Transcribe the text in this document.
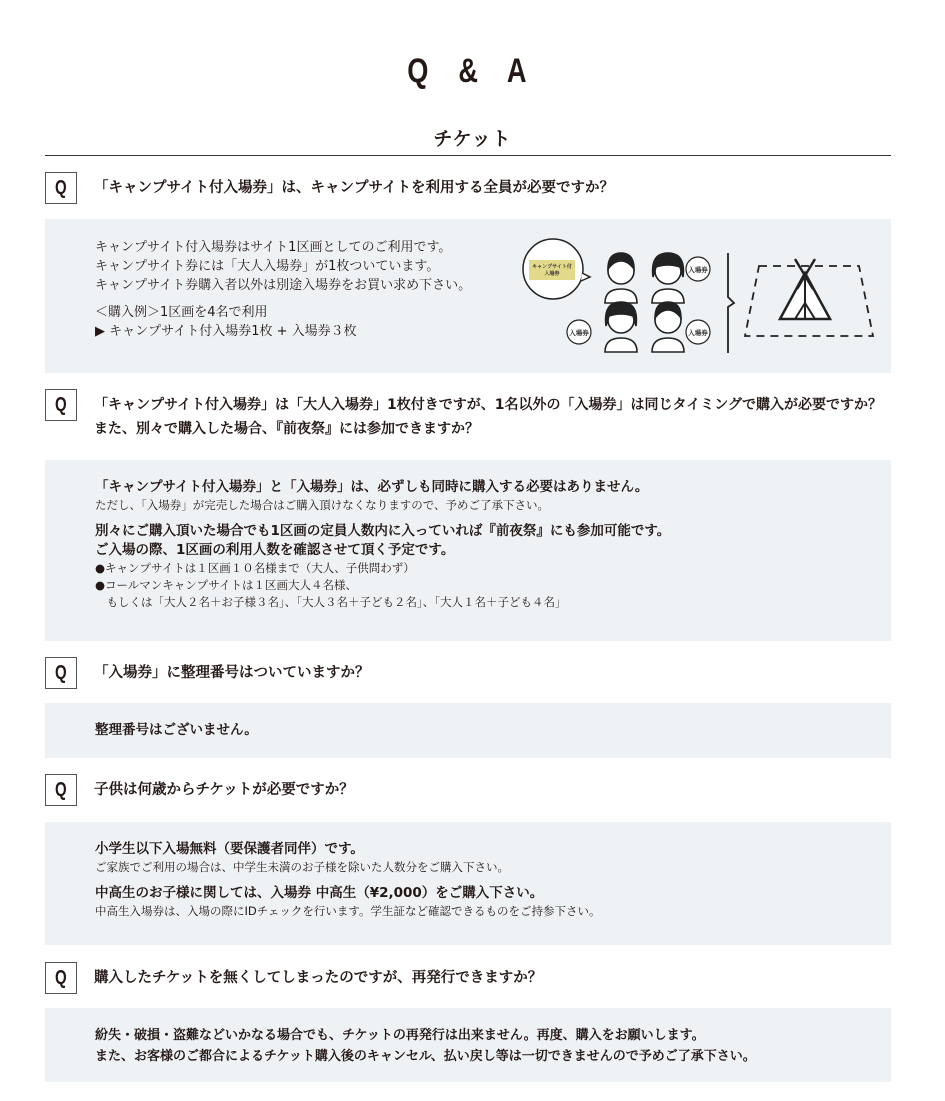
Q & A
チケット
Q 「キャンプサイト付入場券」は、キャンプサイトを利用する全員が必要ですか？
キャンプサイト付入場券はサイト1区画としてのご利用です。
キャンプサイト券には「大人入場券」が1枚ついています。
キャンプサイト券購入者以外は別途入場券をお買い求め下さい。
＜購入例＞1区画を4名で利用
▶ キャンプサイト付入場券1枚 + 入場券３枚
キャンプサイト付
入場券	入場券
入場券	入場券
Q 「キャンプサイト付入場券」は「大人入場券」1枚付きですが、1名以外の「入場券」は同じタイミングで購入が必要ですか？
また、別々で購入した場合、『前夜祭』には参加できますか？
「キャンプサイト付入場券」と「入場券」は、必ずしも同時に購入する必要はありません。
ただし、「入場券」が完売した場合はご購入頂けなくなりますので、予めご了承下さい。
別々にご購入頂いた場合でも1区画の定員人数内に入っていれば『前夜祭』にも参加可能です。
ご入場の際、1区画の利用人数を確認させて頂く予定です。
●キャンプサイトは１区画１０名様まで（大人、子供問わず）
●コールマンキャンプサイトは１区画大人４名様、
　もしくは「大人２名＋お子様３名」、「大人３名＋子ども２名」、「大人１名＋子ども４名」
Q 「入場券」に整理番号はついていますか？
整理番号はございません。
Q 子供は何歳からチケットが必要ですか？
小学生以下入場無料（要保護者同伴）です。
ご家族でご利用の場合は、中学生未満のお子様を除いた人数分をご購入下さい。
中高生のお子様に関しては、入場券 中高生（¥2,000）をご購入下さい。
中高生入場券は、入場の際にIDチェックを行います。学生証など確認できるものをご持参下さい。
Q 購入したチケットを無くしてしまったのですが、再発行できますか？
紛失・破損・盗難などいかなる場合でも、チケットの再発行は出来ません。再度、購入をお願いします。
また、お客様のご都合によるチケット購入後のキャンセル、払い戻し等は一切できませんので予めご了承下さい。
